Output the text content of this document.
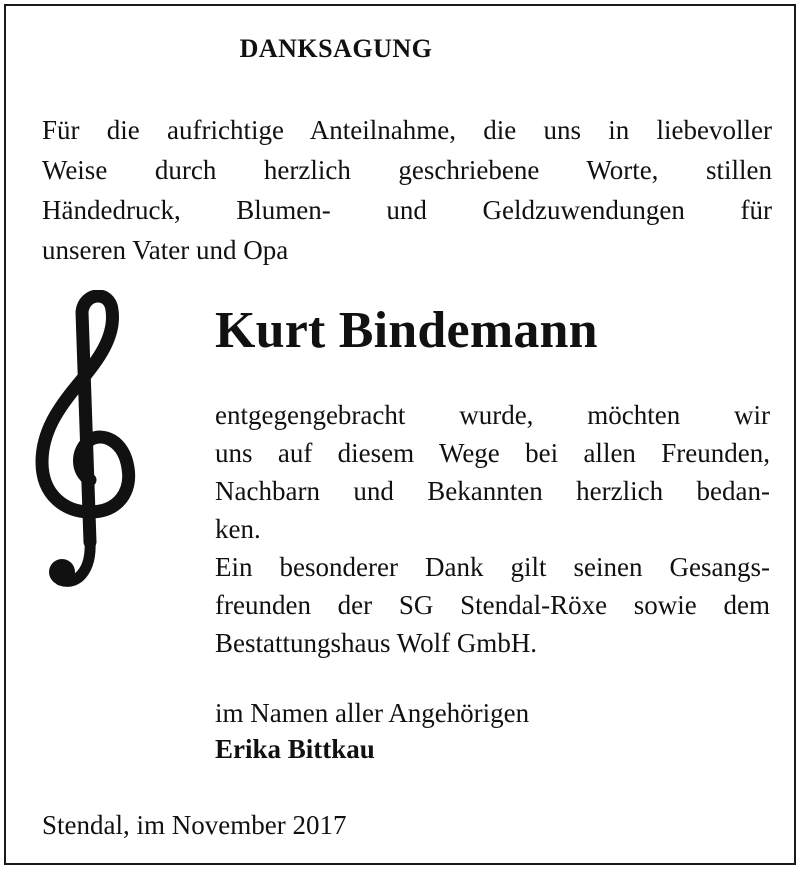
DANKSAGUNG
Für die aufrichtige Anteilnahme, die uns in liebevoller
Weise durch herzlich geschriebene Worte, stillen
Händedruck, Blumen- und Geldzuwendungen für
unseren Vater und Opa
Kurt Bindemann
entgegengebracht wurde, möchten wir
uns auf diesem Wege bei allen Freunden,
Nachbarn und Bekannten herzlich bedan-
ken.
Ein besonderer Dank gilt seinen Gesangs-
freunden der SG Stendal-Röxe sowie dem
Bestattungshaus Wolf GmbH.
im Namen aller Angehörigen
Erika Bittkau
Stendal, im November 2017
